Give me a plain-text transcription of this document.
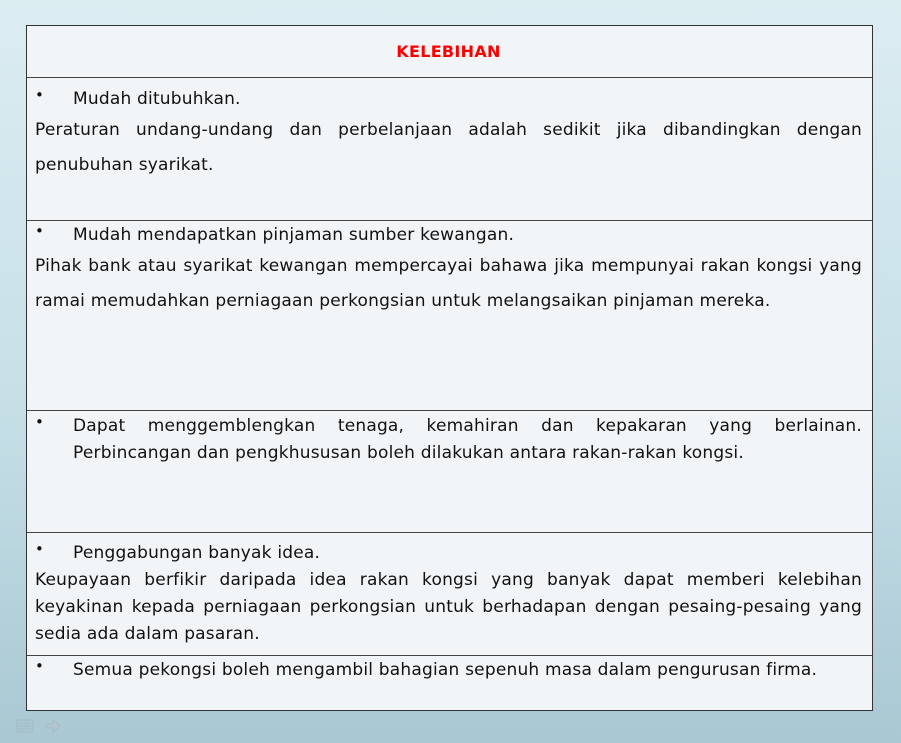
KELEBIHAN
•	Mudah ditubuhkan.
Peraturan undang-undang dan perbelanjaan adalah sedikit jika dibandingkan dengan penubuhan syarikat.
•	Mudah mendapatkan pinjaman sumber kewangan.
Pihak bank atau syarikat kewangan mempercayai bahawa jika mempunyai rakan kongsi yang ramai memudahkan perniagaan perkongsian untuk melangsaikan pinjaman mereka.
•	Dapat menggemblengkan tenaga, kemahiran dan kepakaran yang berlainan. Perbincangan dan pengkhususan boleh dilakukan antara rakan-rakan kongsi.
•	Penggabungan banyak idea.
Keupayaan berfikir daripada idea rakan kongsi yang banyak dapat memberi kelebihan keyakinan kepada perniagaan perkongsian untuk berhadapan dengan pesaing-pesaing yang sedia ada dalam pasaran.
•	Semua pekongsi boleh mengambil bahagian sepenuh masa dalam pengurusan firma.
